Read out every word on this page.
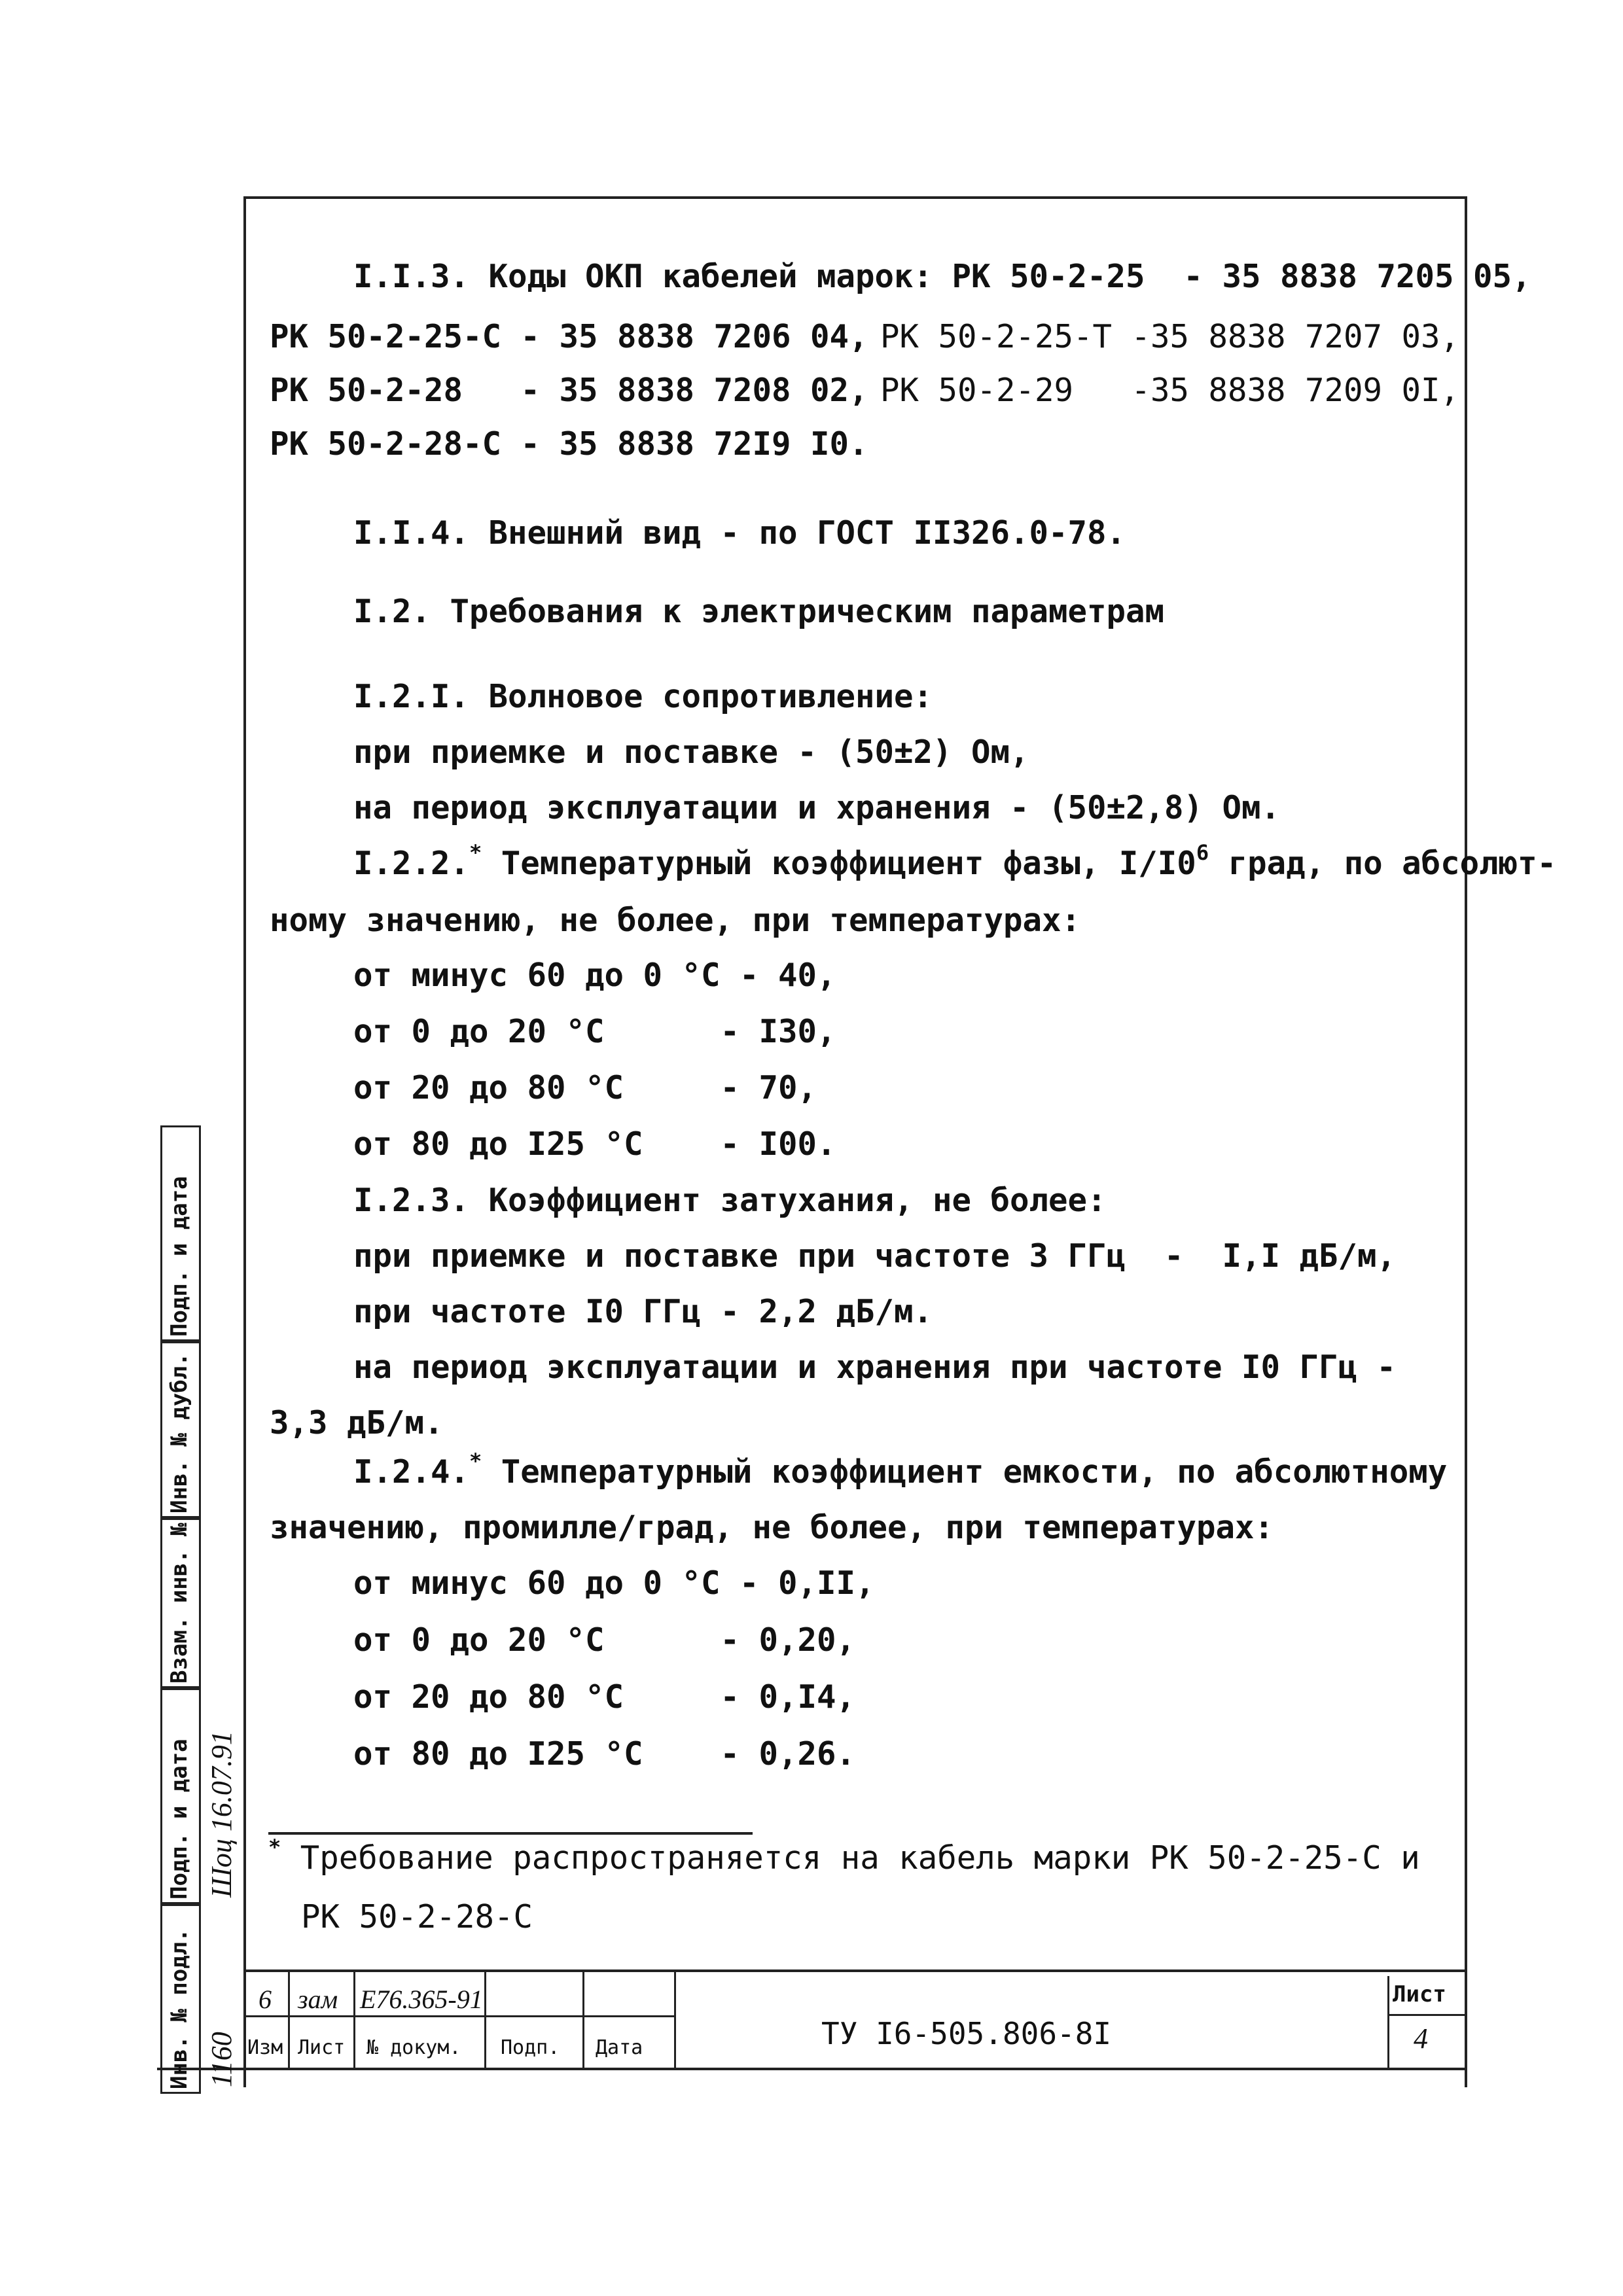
I.I.3. Коды ОКП кабелей марок: РК 50-2-25  - 35 8838 7205 05,
РК 50-2-25-С - 35 8838 7206 04, РК 50-2-25-Т -35 8838 7207 03,
РК 50-2-28   - 35 8838 7208 02, РК 50-2-29   -35 8838 7209 0I,
РК 50-2-28-С - 35 8838 72I9 I0.
I.I.4. Внешний вид - по ГОСТ II326.0-78.
I.2. Требования к электрическим параметрам
I.2.I. Волновое сопротивление:
при приемке и поставке - (50±2) Ом,
на период эксплуатации и хранения - (50±2,8) Ом.
I.2.2.* Температурный коэффициент фазы, $I/I0^6$ град, по абсолют-
ному значению, не более, при температурах:
от минус 60 до 0 °С - 40,
от 0 до 20 °С      - I30,
от 20 до 80 °С     - 70,
от 80 до I25 °С    - I00.
I.2.3. Коэффициент затухания, не более:
при приемке и поставке при частоте 3 ГГц  -  I,I дБ/м,
при частоте I0 ГГц - 2,2 дБ/м.
на период эксплуатации и хранения при частоте I0 ГГц -
3,3 дБ/м.
I.2.4.* Температурный коэффициент емкости, по абсолютному
значению, промилле/град, не более, при температурах:
от минус 60 до 0 °С - 0,II,
от 0 до 20 °С      - 0,20,
от 20 до 80 °С     - 0,I4,
от 80 до I25 °С    - 0,26.
* Требование распространяется на кабель марки РК 50-2-25-С и
РК 50-2-28-С
6 зам Е76.365-91
Изм Лист № докум. Подп. Дата	ТУ I6-505.806-8I
Лист
4
Подп. и дата
Инв. № дубл.
Взам. инв. №
Подп. и дата
Инв. № подл.
Шоц 16.07.91
1160
